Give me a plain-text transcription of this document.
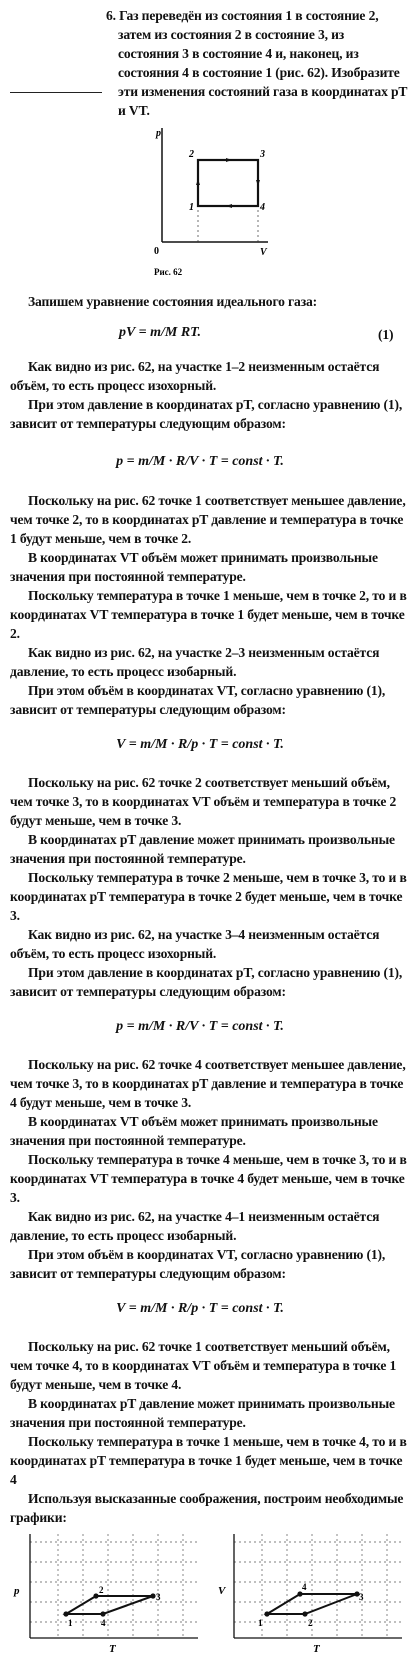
6. Газ переведён из состояния 1 в состояние 2, затем из состояния 2 в состояние 3, из состояния 3 в состояние 4 и, наконец, из состояния 4 в состояние 1 (рис. 62). Изобразите эти изменения состояний газа в координатах pT и VT.
p
V
0
2	3
1	4
Рис. 62
Запишем уравнение состояния идеального газа:
pV = m/M RT.	(1)
Как видно из рис. 62, на участке 1–2 неизменным остаётся объём, то есть процесс изохорный.
При этом давление в координатах pT, согласно уравнению (1), зависит от температуры следующим образом:
p = m/M · R/V · T = const · T.
Поскольку на рис. 62 точке 1 соответствует меньшее давление, чем точке 2, то в координатах pT давление и температура в точке 1 будут меньше, чем в точке 2.
В координатах VT объём может принимать произвольные значения при постоянной температуре.
Поскольку температура в точке 1 меньше, чем в точке 2, то и в координатах VT температура в точке 1 будет меньше, чем в точке 2.
Как видно из рис. 62, на участке 2–3 неизменным остаётся давление, то есть процесс изобарный.
При этом объём в координатах VT, согласно уравнению (1), зависит от температуры следующим образом:
V = m/M · R/p · T = const · T.
Поскольку на рис. 62 точке 2 соответствует меньший объём, чем точке 3, то в координатах VT объём и температура в точке 2 будут меньше, чем в точке 3.
В координатах pT давление может принимать произвольные значения при постоянной температуре.
Поскольку температура в точке 2 меньше, чем в точке 3, то и в координатах pT температура в точке 2 будет меньше, чем в точке 3.
Как видно из рис. 62, на участке 3–4 неизменным остаётся объём, то есть процесс изохорный.
При этом давление в координатах pT, согласно уравнению (1), зависит от температуры следующим образом:
p = m/M · R/V · T = const · T.
Поскольку на рис. 62 точке 4 соответствует меньшее давление, чем точке 3, то в координатах pT давление и температура в точке 4 будут меньше, чем в точке 3.
В координатах VT объём может принимать произвольные значения при постоянной температуре.
Поскольку температура в точке 4 меньше, чем в точке 3, то и в координатах VT температура в точке 4 будет меньше, чем в точке 3.
Как видно из рис. 62, на участке 4–1 неизменным остаётся давление, то есть процесс изобарный.
При этом объём в координатах VT, согласно уравнению (1), зависит от температуры следующим образом:
V = m/M · R/p · T = const · T.
Поскольку на рис. 62 точке 1 соответствует меньший объём, чем точке 4, то в координатах VT объём и температура в точке 1 будут меньше, чем в точке 4.
В координатах pT давление может принимать произвольные значения при постоянной температуре.
Поскольку температура в точке 1 меньше, чем в точке 4, то и в координатах pT температура в точке 1 будет меньше, чем в точке 4
Используя высказанные соображения, построим необходимые графики:
p
T
1
2
3
4
V
T
1
4
3
2
